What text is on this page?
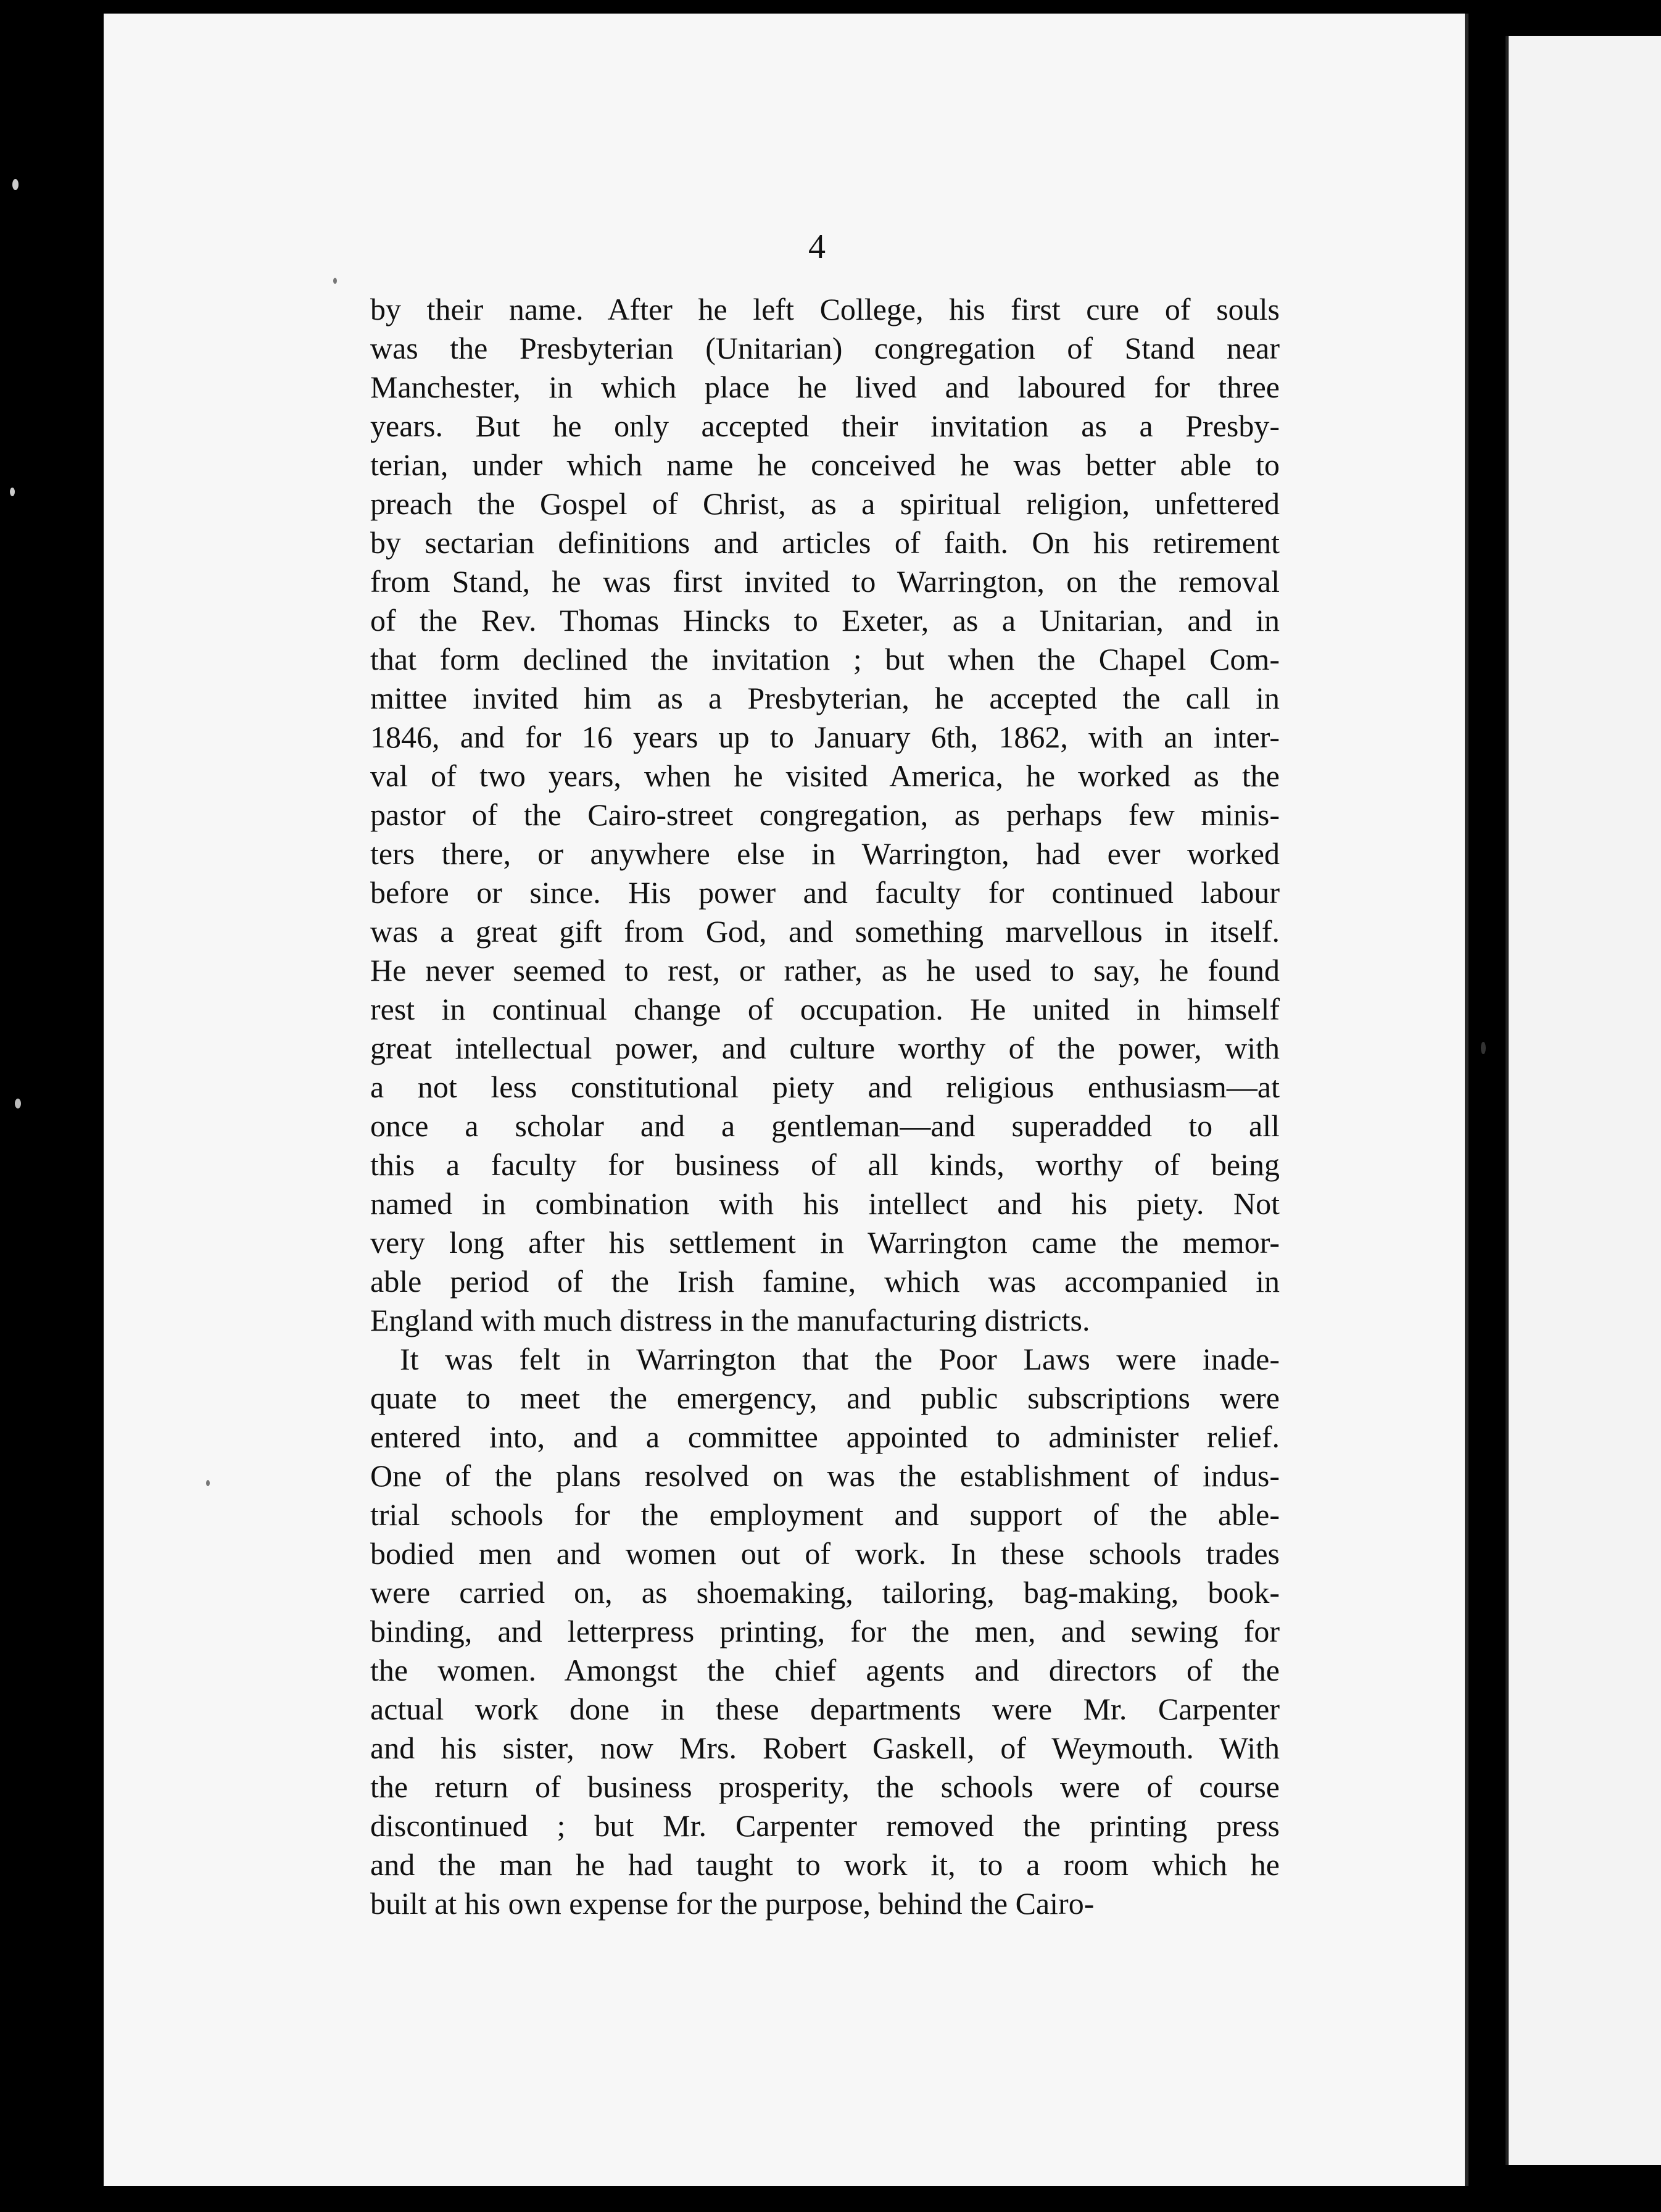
4

by their name. After he left College, his first cure of souls

was the Presbyterian (Unitarian) congregation of Stand near

Manchester, in which place he lived and laboured for three

years. But he only accepted their invitation as a Presby-

terian, under which name he conceived he was better able to

preach the Gospel of Christ, as a spiritual religion, unfettered

by sectarian definitions and articles of faith. On his retirement

from Stand, he was first invited to Warrington, on the removal

of the Rev. Thomas Hincks to Exeter, as a Unitarian, and in

that form declined the invitation ; but when the Chapel Com-

mittee invited him as a Presbyterian, he accepted the call in

1846, and for 16 years up to January 6th, 1862, with an inter-

val of two years, when he visited America, he worked as the

pastor of the Cairo-street congregation, as perhaps few minis-

ters there, or anywhere else in Warrington, had ever worked

before or since. His power and faculty for continued labour

was a great gift from God, and something marvellous in itself.

He never seemed to rest, or rather, as he used to say, he found

rest in continual change of occupation. He united in himself

great intellectual power, and culture worthy of the power, with

a not less constitutional piety and religious enthusiasm—at

once a scholar and a gentleman—and superadded to all

this a faculty for business of all kinds, worthy of being

named in combination with his intellect and his piety. Not

very long after his settlement in Warrington came the memor-

able period of the Irish famine, which was accompanied in

England with much distress in the manufacturing districts.

It was felt in Warrington that the Poor Laws were inade-

quate to meet the emergency, and public subscriptions were

entered into, and a committee appointed to administer relief.

One of the plans resolved on was the establishment of indus-

trial schools for the employment and support of the able-

bodied men and women out of work. In these schools trades

were carried on, as shoemaking, tailoring, bag-making, book-

binding, and letterpress printing, for the men, and sewing for

the women. Amongst the chief agents and directors of the

actual work done in these departments were Mr. Carpenter

and his sister, now Mrs. Robert Gaskell, of Weymouth. With

the return of business prosperity, the schools were of course

discontinued ; but Mr. Carpenter removed the printing press

and the man he had taught to work it, to a room which he

built at his own expense for the purpose, behind the Cairo-
